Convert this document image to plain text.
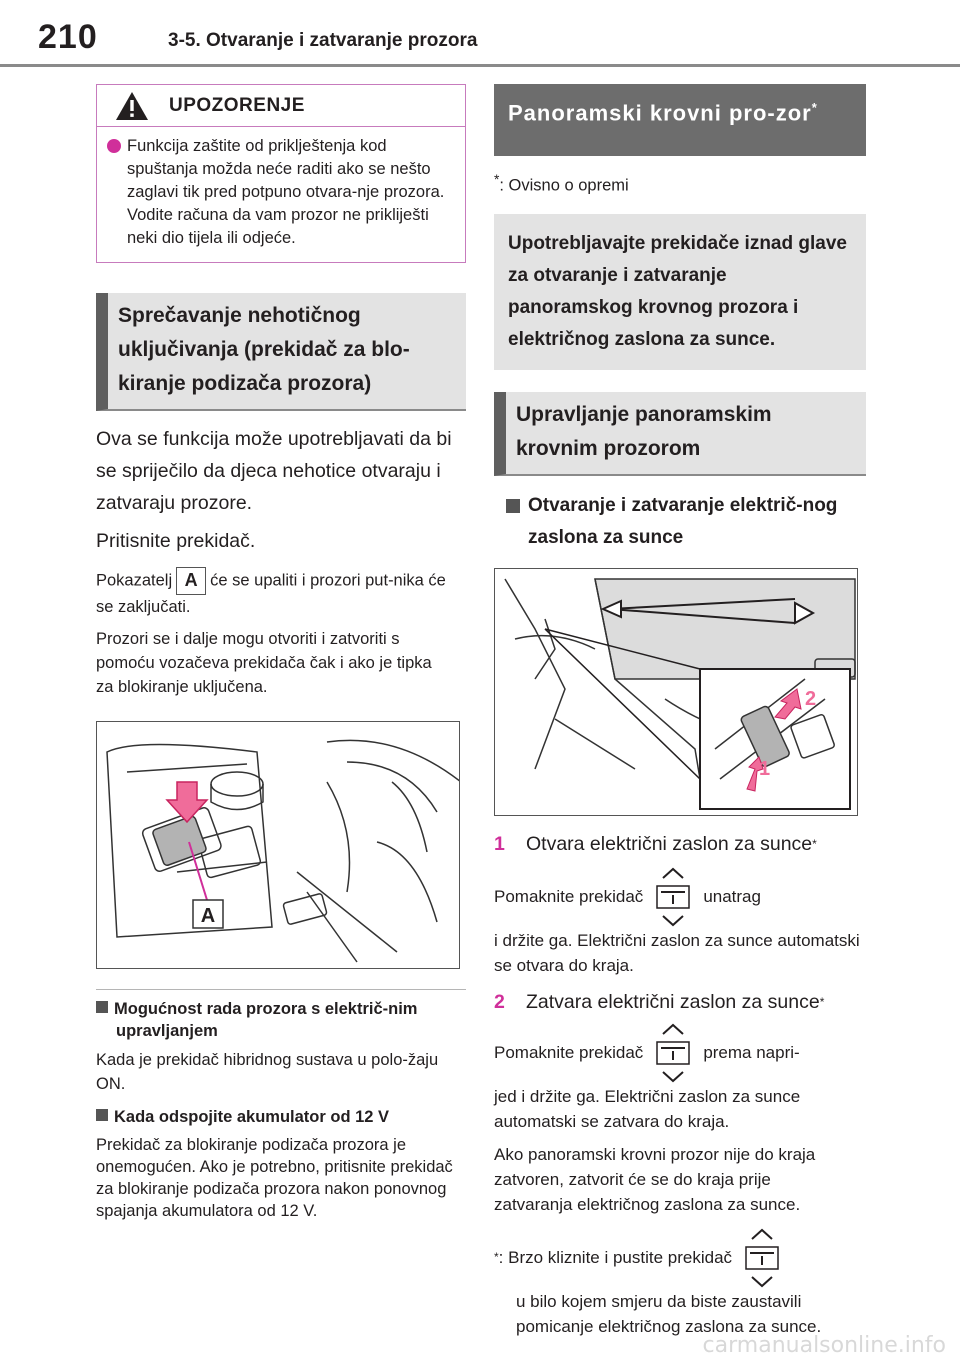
210	3-5. Otvaranje i zatvaranje prozora
UPOZORENJE
Funkcija zaštite od priklještenja kod spuštanja možda neće raditi ako se nešto zaglavi tik pred potpuno otvara-nje prozora. Vodite računa da vam prozor ne prikliješti neki dio tijela ili odjeće.
Sprečavanje nehotičnog uključivanja (prekidač za blo-kiranje podizača prozora)
Ova se funkcija može upotrebljavati da bi se spriječilo da djeca nehotice otvaraju i zatvaraju prozore.
Pritisnite prekidač.
Pokazatelj A će se upaliti i prozori put-nika će se zaključati.
Prozori se i dalje mogu otvoriti i zatvoriti s pomoću vozačeva prekidača čak i ako je tipka za blokiranje uključena.
A
Mogućnost rada prozora s električ-nim upravljanjem
Kada je prekidač hibridnog sustava u polo-žaju ON.
Kada odspojite akumulator od 12 V
Prekidač za blokiranje podizača prozora je onemogućen. Ako je potrebno, pritisnite prekidač za blokiranje podizača prozora nakon ponovnog spajanja akumulatora od 12 V.
Panoramski krovni pro-zor*
*: Ovisno o opremi
Upotrebljavajte prekidače iznad glave za otvaranje i zatvaranje panoramskog krovnog prozora i električnog zaslona za sunce.
Upravljanje panoramskim krovnim prozorom
Otvaranje i zatvaranje električ-nog zaslona za sunce
2
1
1	Otvara električni zaslon za sunce *
Pomaknite prekidač	unatrag
i držite ga. Električni zaslon za sunce automatski se otvara do kraja.
2	Zatvara električni zaslon za sunce *
Pomaknite prekidač	prema napri-
jed i držite ga. Električni zaslon za sunce automatski se zatvara do kraja.
Ako panoramski krovni prozor nije do kraja zatvoren, zatvorit će se do kraja prije zatvaranja električnog zaslona za sunce.
* : Brzo kliznite i pustite prekidač
u bilo kojem smjeru da biste zaustavili pomicanje električnog zaslona za sunce.
carmanualsonline.info
